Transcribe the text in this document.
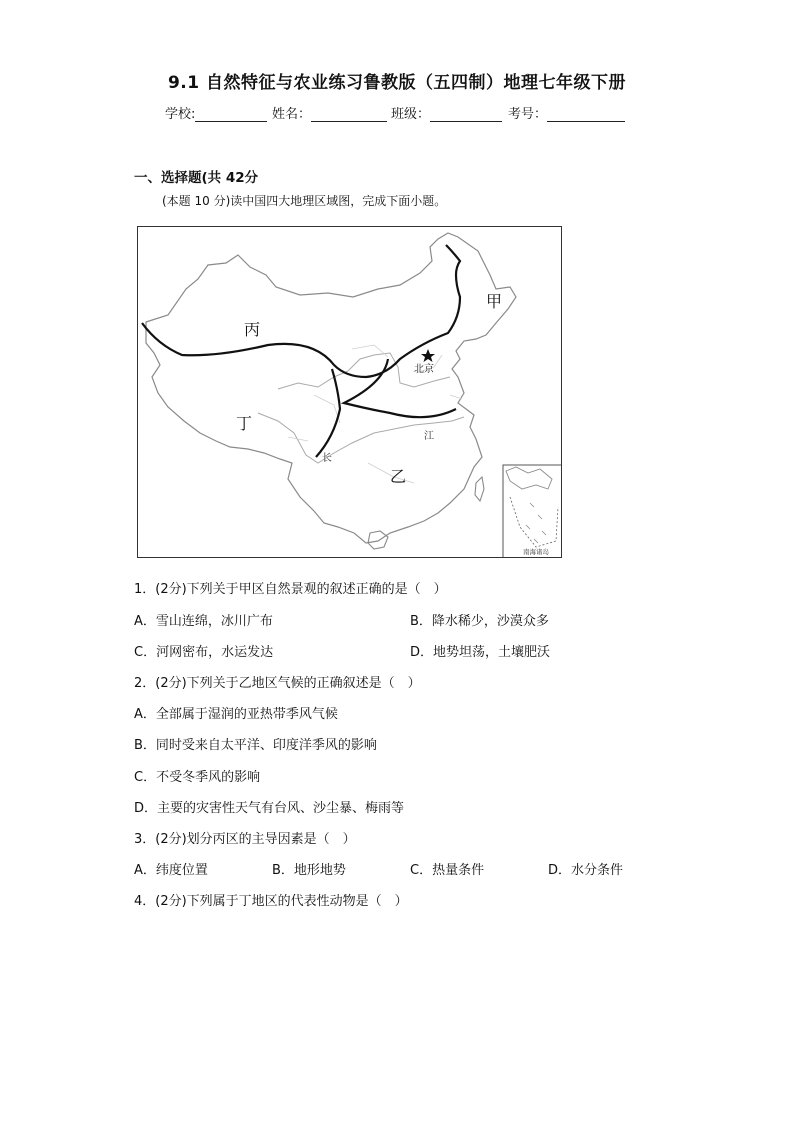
9.1 自然特征与农业练习鲁教版（五四制）地理七年级下册
学校:	姓名：	班级：	考号：
一、选择题(共 42分
(本题 10 分)读中国四大地理区域图，完成下面小题。
南海诸岛
甲
乙
丙
丁
北京
江
长
1．(2分)下列关于甲区自然景观的叙述正确的是（　）
A．雪山连绵，冰川广布	B．降水稀少，沙漠众多
C．河网密布，水运发达	D．地势坦荡，土壤肥沃
2．(2分)下列关于乙地区气候的正确叙述是（　）
A．全部属于湿润的亚热带季风气候
B．同时受来自太平洋、印度洋季风的影响
C．不受冬季风的影响
D．主要的灾害性天气有台风、沙尘暴、梅雨等
3．(2分)划分丙区的主导因素是（　）
A．纬度位置	B．地形地势	C．热量条件	D．水分条件
4．(2分)下列属于丁地区的代表性动物是（　）
